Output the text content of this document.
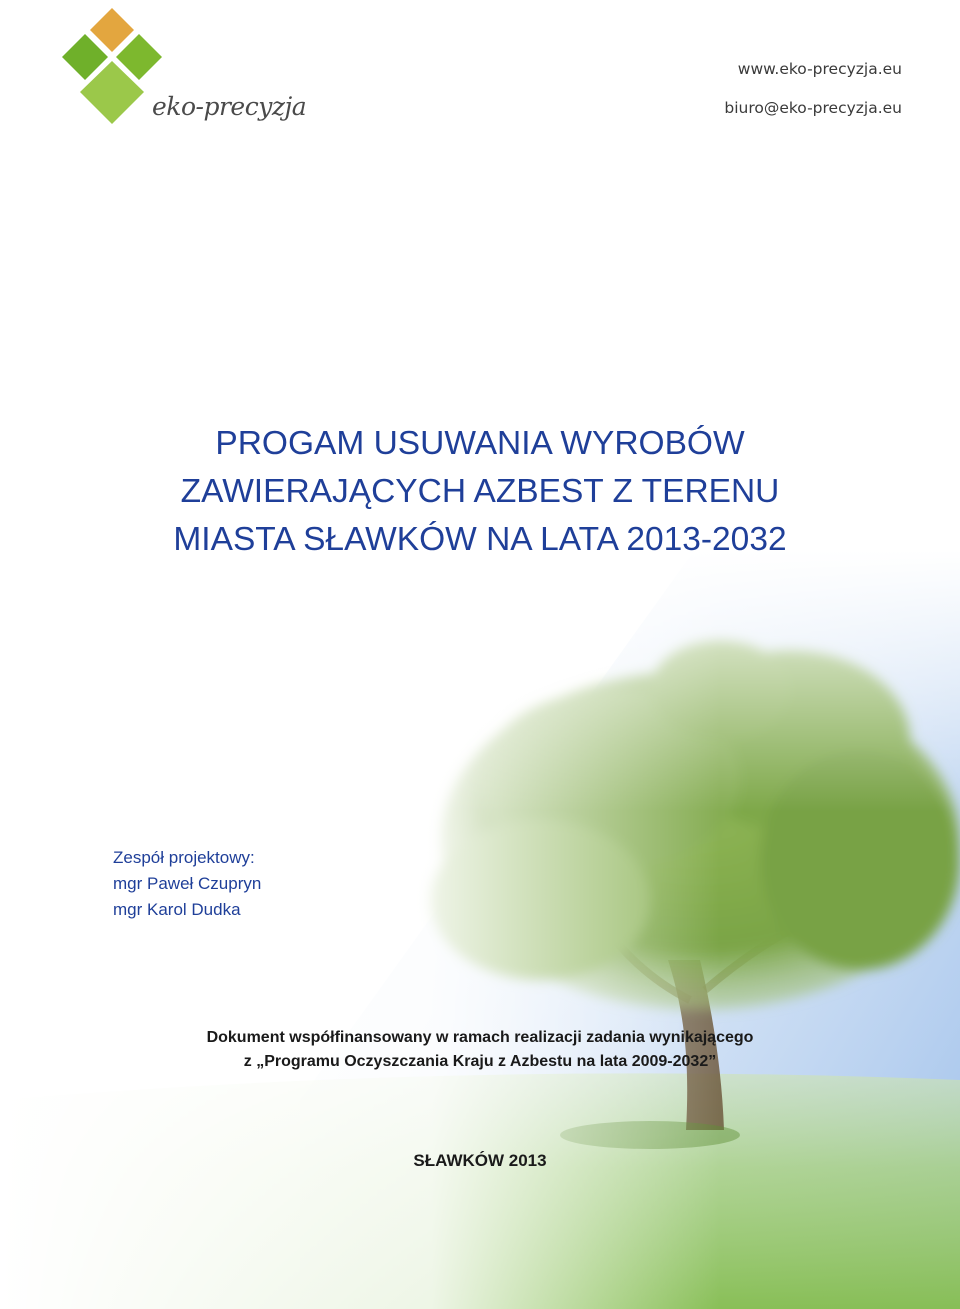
eko-precyzja
www.eko-precyzja.eu
biuro@eko-precyzja.eu
PROGAM USUWANIA WYROBÓW
ZAWIERAJĄCYCH AZBEST Z TERENU
MIASTA SŁAWKÓW NA LATA 2013-2032
Zespół projektowy:
mgr Paweł Czupryn
mgr Karol Dudka
Dokument współfinansowany w ramach realizacji zadania wynikającego
z „Programu Oczyszczania Kraju z Azbestu na lata 2009-2032”
SŁAWKÓW 2013
